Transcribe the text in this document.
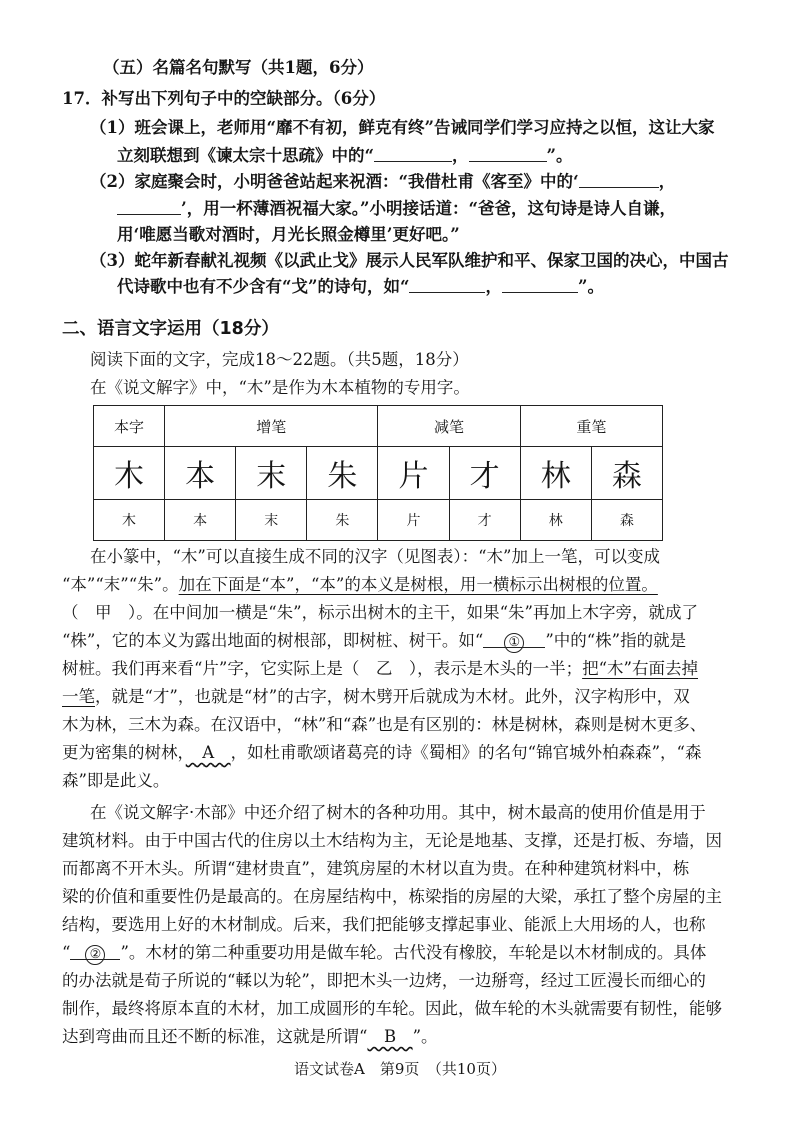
（五）名篇名句默写（共1题，6分）
17．补写出下列句子中的空缺部分。（6分）
（1）班会课上，老师用“靡不有初，鲜克有终”告诫同学们学习应持之以恒，这让大家
立刻联想到《谏太宗十思疏》中的“	，	”。
（2）家庭聚会时，小明爸爸站起来祝酒：“我借杜甫《客至》中的‘	，
’，用一杯薄酒祝福大家。”小明接话道：“爸爸，这句诗是诗人自谦，
用‘唯愿当歌对酒时，月光长照金樽里’更好吧。”
（3）蛇年新春献礼视频《以武止戈》展示人民军队维护和平、保家卫国的决心，中国古
代诗歌中也有不少含有“戈”的诗句，如“	，	”。
二、语言文字运用（18分）
阅读下面的文字，完成18～22题。（共5题，18分）
在《说文解字》中，“木”是作为木本植物的专用字。
本字	增笔			减笔		重笔	
木	本	末	朱	片	才	林	森
木	本	末	朱	片	才	林	森
在小篆中，“木”可以直接生成不同的汉字（见图表）：“木”加上一笔，可以变成
“本”“末”“朱”。加在下面是“本”，“本”的本义是树根，用一横标示出树根的位置。
（　甲　）。在中间加一横是“朱”，标示出树木的主干，如果“朱”再加上木字旁，就成了
“株”，它的本义为露出地面的树根部，即树桩、树干。如“ ① ”中的“株”指的就是
树桩。我们再来看“片”字，它实际上是（　乙　），表示是木头的一半；把“木”右面去掉
一笔，就是“才”，也就是“材”的古字，树木劈开后就成为木材。此外，汉字构形中，双
木为林，三木为森。在汉语中，“林”和“森”也是有区别的：林是树林，森则是树木更多、
更为密集的树林，　A　，如杜甫歌颂诸葛亮的诗《蜀相》的名句“锦官城外柏森森”，“森
森”即是此义。
在《说文解字·木部》中还介绍了树木的各种功用。其中，树木最高的使用价值是用于
建筑材料。由于中国古代的住房以土木结构为主，无论是地基、支撑，还是打板、夯墙，因
而都离不开木头。所谓“建材贵直”，建筑房屋的木材以直为贵。在种种建筑材料中，栋
梁的价值和重要性仍是最高的。在房屋结构中，栋梁指的房屋的大梁，承扛了整个房屋的主
结构，要选用上好的木材制成。后来，我们把能够支撑起事业、能派上大用场的人，也称
“ ② ”。木材的第二种重要功用是做车轮。古代没有橡胶，车轮是以木材制成的。具体
的办法就是荀子所说的“輮以为轮”，即把木头一边烤，一边掰弯，经过工匠漫长而细心的
制作，最终将原本直的木材，加工成圆形的车轮。因此，做车轮的木头就需要有韧性，能够
语文试卷A　第9页　（共10页）
达到弯曲而且还不断的标准，这就是所谓“　B　”。
